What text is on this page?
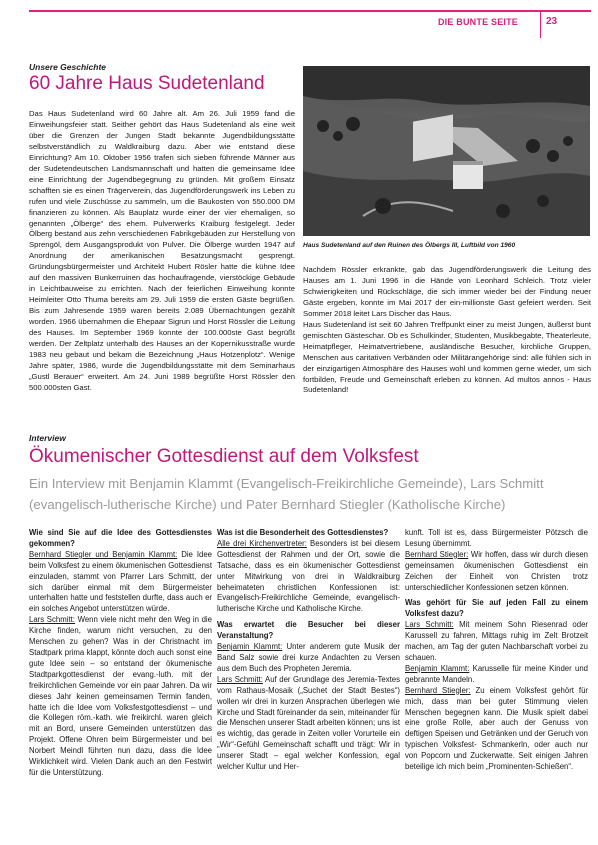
DIE BUNTE SEITE	23
Unsere Geschichte
60 Jahre Haus Sudetenland

Das Haus Sudetenland wird 60 Jahre alt. Am 26. Juli 1959 fand die Einweihungsfeier statt. Seither gehört das Haus Sudetenland als eine weit über die Grenzen der Jungen Stadt bekannte Jugendbildungsstätte selbstverständlich zu Waldkraiburg dazu. Aber wie entstand diese Einrichtung? Am 10. Oktober 1956 trafen sich sieben führende Männer aus der Sudetendeutschen Landsmannschaft und hatten die gemeinsame Idee eine Einrichtung der Jugendbegegnung zu gründen. Mit großem Einsatz schafften sie es einen Trägerverein, das Jugendförderungswerk ins Leben zu rufen und viele Zuschüsse zu sammeln, um die Baukosten von 550.000 DM finanzieren zu können. Als Bauplatz wurde einer der vier ehemaligen, so genannten „Ölberge“ des ehem. Pulverwerks Kraiburg festgelegt. Jeder Ölberg bestand aus zehn verschiedenen Fabrikgebäuden zur Herstellung von Sprengöl, dem Ausgangsprodukt von Pulver. Die Ölberge wurden 1947 auf Anordnung der amerikanischen Besatzungsmacht gesprengt. Gründungsbürgermeister und Architekt Hubert Rösler hatte die kühne Idee auf den massiven Bunkerruinen das hochaufragende, vierstöckige Gebäude in Leichtbauweise zu errichten. Nach der feierlichen Einweihung konnte Heimleiter Otto Thuma bereits am 29. Juli 1959 die ersten Gäste begrüßen. Bis zum Jahresende 1959 waren bereits 2.089 Übernachtungen gezählt worden. 1966 übernahmen die Ehepaar Sigrun und Horst Rössler die Leitung des Hauses. Im September 1969 konnte der 100.000ste Gast begrüßt werden. Der Zeltplatz unterhalb des Hauses an der Kopernikusstraße wurde 1983 neu gebaut und bekam die Bezeichnung „Haus Hotzenplotz“. Wenige Jahre später, 1986, wurde die Jugendbildungsstätte mit dem Seminarhaus „Gustl Berauer“ erweitert. Am 24. Juni 1989 begrüßte Horst Rössler den 500.000sten Gast.

Haus Sudetenland auf den Ruinen des Ölbergs III, Luftbild von 1960

Nachdem Rössler erkrankte, gab das Jugendförderungswerk die Leitung des Hauses am 1. Juni 1996 in die Hände von Leonhard Schleich. Trotz vieler Schwierigkeiten und Rückschläge, die sich immer wieder bei der Findung neuer Gäste ergeben, konnte im Mai 2017 der ein-millionste Gast gefeiert werden. Seit Sommer 2018 leitet Lars Discher das Haus.

Haus Sudetenland ist seit 60 Jahren Treffpunkt einer zu meist Jungen, äußerst bunt gemischten Gästeschar. Ob es Schulkinder, Studenten, Musikbegabte, Theaterleute, Heimatpfleger, Heimatvertriebene, ausländische Besucher, kirchliche Gruppen, Menschen aus caritativen Verbänden oder Militärangehörige sind: alle fühlen sich in der einzigartigen Atmosphäre des Hauses wohl und kommen gerne wieder, um sich fortbilden, Freude und Gemeinschaft erleben zu können. Ad multos annos - Haus Sudetenland!

Interview
Ökumenischer Gottesdienst auf dem Volksfest
Ein Interview mit Benjamin Klammt (Evangelisch-Freikirchliche Gemeinde), Lars Schmitt
(evangelisch-lutherische Kirche) und Pater Bernhard Stiegler (Katholische Kirche)

Wie sind Sie auf die Idee des Gottesdienstes gekommen?
Bernhard Stiegler und Benjamin Klammt: Die Idee beim Volksfest zu einem ökumenischen Gottesdienst einzuladen, stammt von Pfarrer Lars Schmitt, der sich darüber einmal mit dem Bürgermeister unterhalten hatte und feststellen durfte, dass auch er ein solches Angebot unterstützen würde.

Lars Schmitt: Wenn viele nicht mehr den Weg in die Kirche finden, warum nicht versuchen, zu den Menschen zu gehen? Was in der Christnacht im Stadtpark prima klappt, könnte doch auch sonst eine gute Idee sein – so entstand der ökumenische Stadtparkgottesdienst der evang.-luth. mit der freikirchlichen Gemeinde vor ein paar Jahren. Da wir dieses Jahr keinen gemeinsamen Termin fanden, hatte ich die Idee vom Volksfestgottesdienst – und die Kollegen röm.-kath. wie freikirchl. waren gleich mit an Bord, unsere Gemeinden unterstützen das Projekt. Offene Ohren beim Bürgermeister und bei Norbert Meindl führten nun dazu, dass die Idee Wirklichkeit wird. Vielen Dank auch an den Festwirt für die Unterstützung.

Was ist die Besonderheit des Gottesdienstes?
Alle drei Kirchenvertreter: Besonders ist bei diesem Gottesdienst der Rahmen und der Ort, sowie die Tatsache, dass es ein ökumenischer Gottesdienst unter Mitwirkung von drei in Waldkraiburg beheimateten christlichen Konfessionen ist: Evangelisch-Freikirchliche Gemeinde, evangelisch-lutherische Kirche und Katholische Kirche.

Was erwartet die Besucher bei dieser Veranstaltung?
Benjamin Klammt: Unter anderem gute Musik der Band Salz sowie drei kurze Andachten zu Versen aus dem Buch des Propheten Jeremia.

Lars Schmitt: Auf der Grundlage des Jeremia-Textes vom Rathaus-Mosaik („Suchet der Stadt Bestes“) wollen wir drei in kurzen Ansprachen überlegen wie Kirche und Stadt füreinander da sein, miteinander für die Menschen unserer Stadt arbeiten können; uns ist es wichtig, das gerade in Zeiten voller Vorurteile ein „Wir“-Gefühl Gemeinschaft schafft und trägt: Wir in unserer Stadt – egal welcher Konfession, egal welcher Kultur und Her-

kunft. Toll ist es, dass Bürgermeister Pötzsch die Lesung übernimmt.

Bernhard Stiegler: Wir hoffen, dass wir durch diesen gemeinsamen ökumenischen Gottesdienst ein Zeichen der Einheit von Christen trotz unterschiedlicher Konfessionen setzen können.

Was gehört für Sie auf jeden Fall zu einem Volksfest dazu?
Lars Schmitt: Mit meinem Sohn Riesenrad oder Karussell zu fahren, Mittags ruhig im Zelt Brotzeit machen, am Tag der guten Nachbarschaft vorbei zu schauen.

Benjamin Klammt: Karusselle für meine Kinder und gebrannte Mandeln.

Bernhard Stiegler: Zu einem Volksfest gehört für mich, dass man bei guter Stimmung vielen Menschen begegnen kann. Die Musik spielt dabei eine große Rolle, aber auch der Genuss von deftigen Speisen und Getränken und der Geruch von typischen Volksfest- Schmankerln, oder auch nur von Popcorn und Zuckerwatte. Seit einigen Jahren beteilige ich mich beim „Prominenten-Schießen“.
